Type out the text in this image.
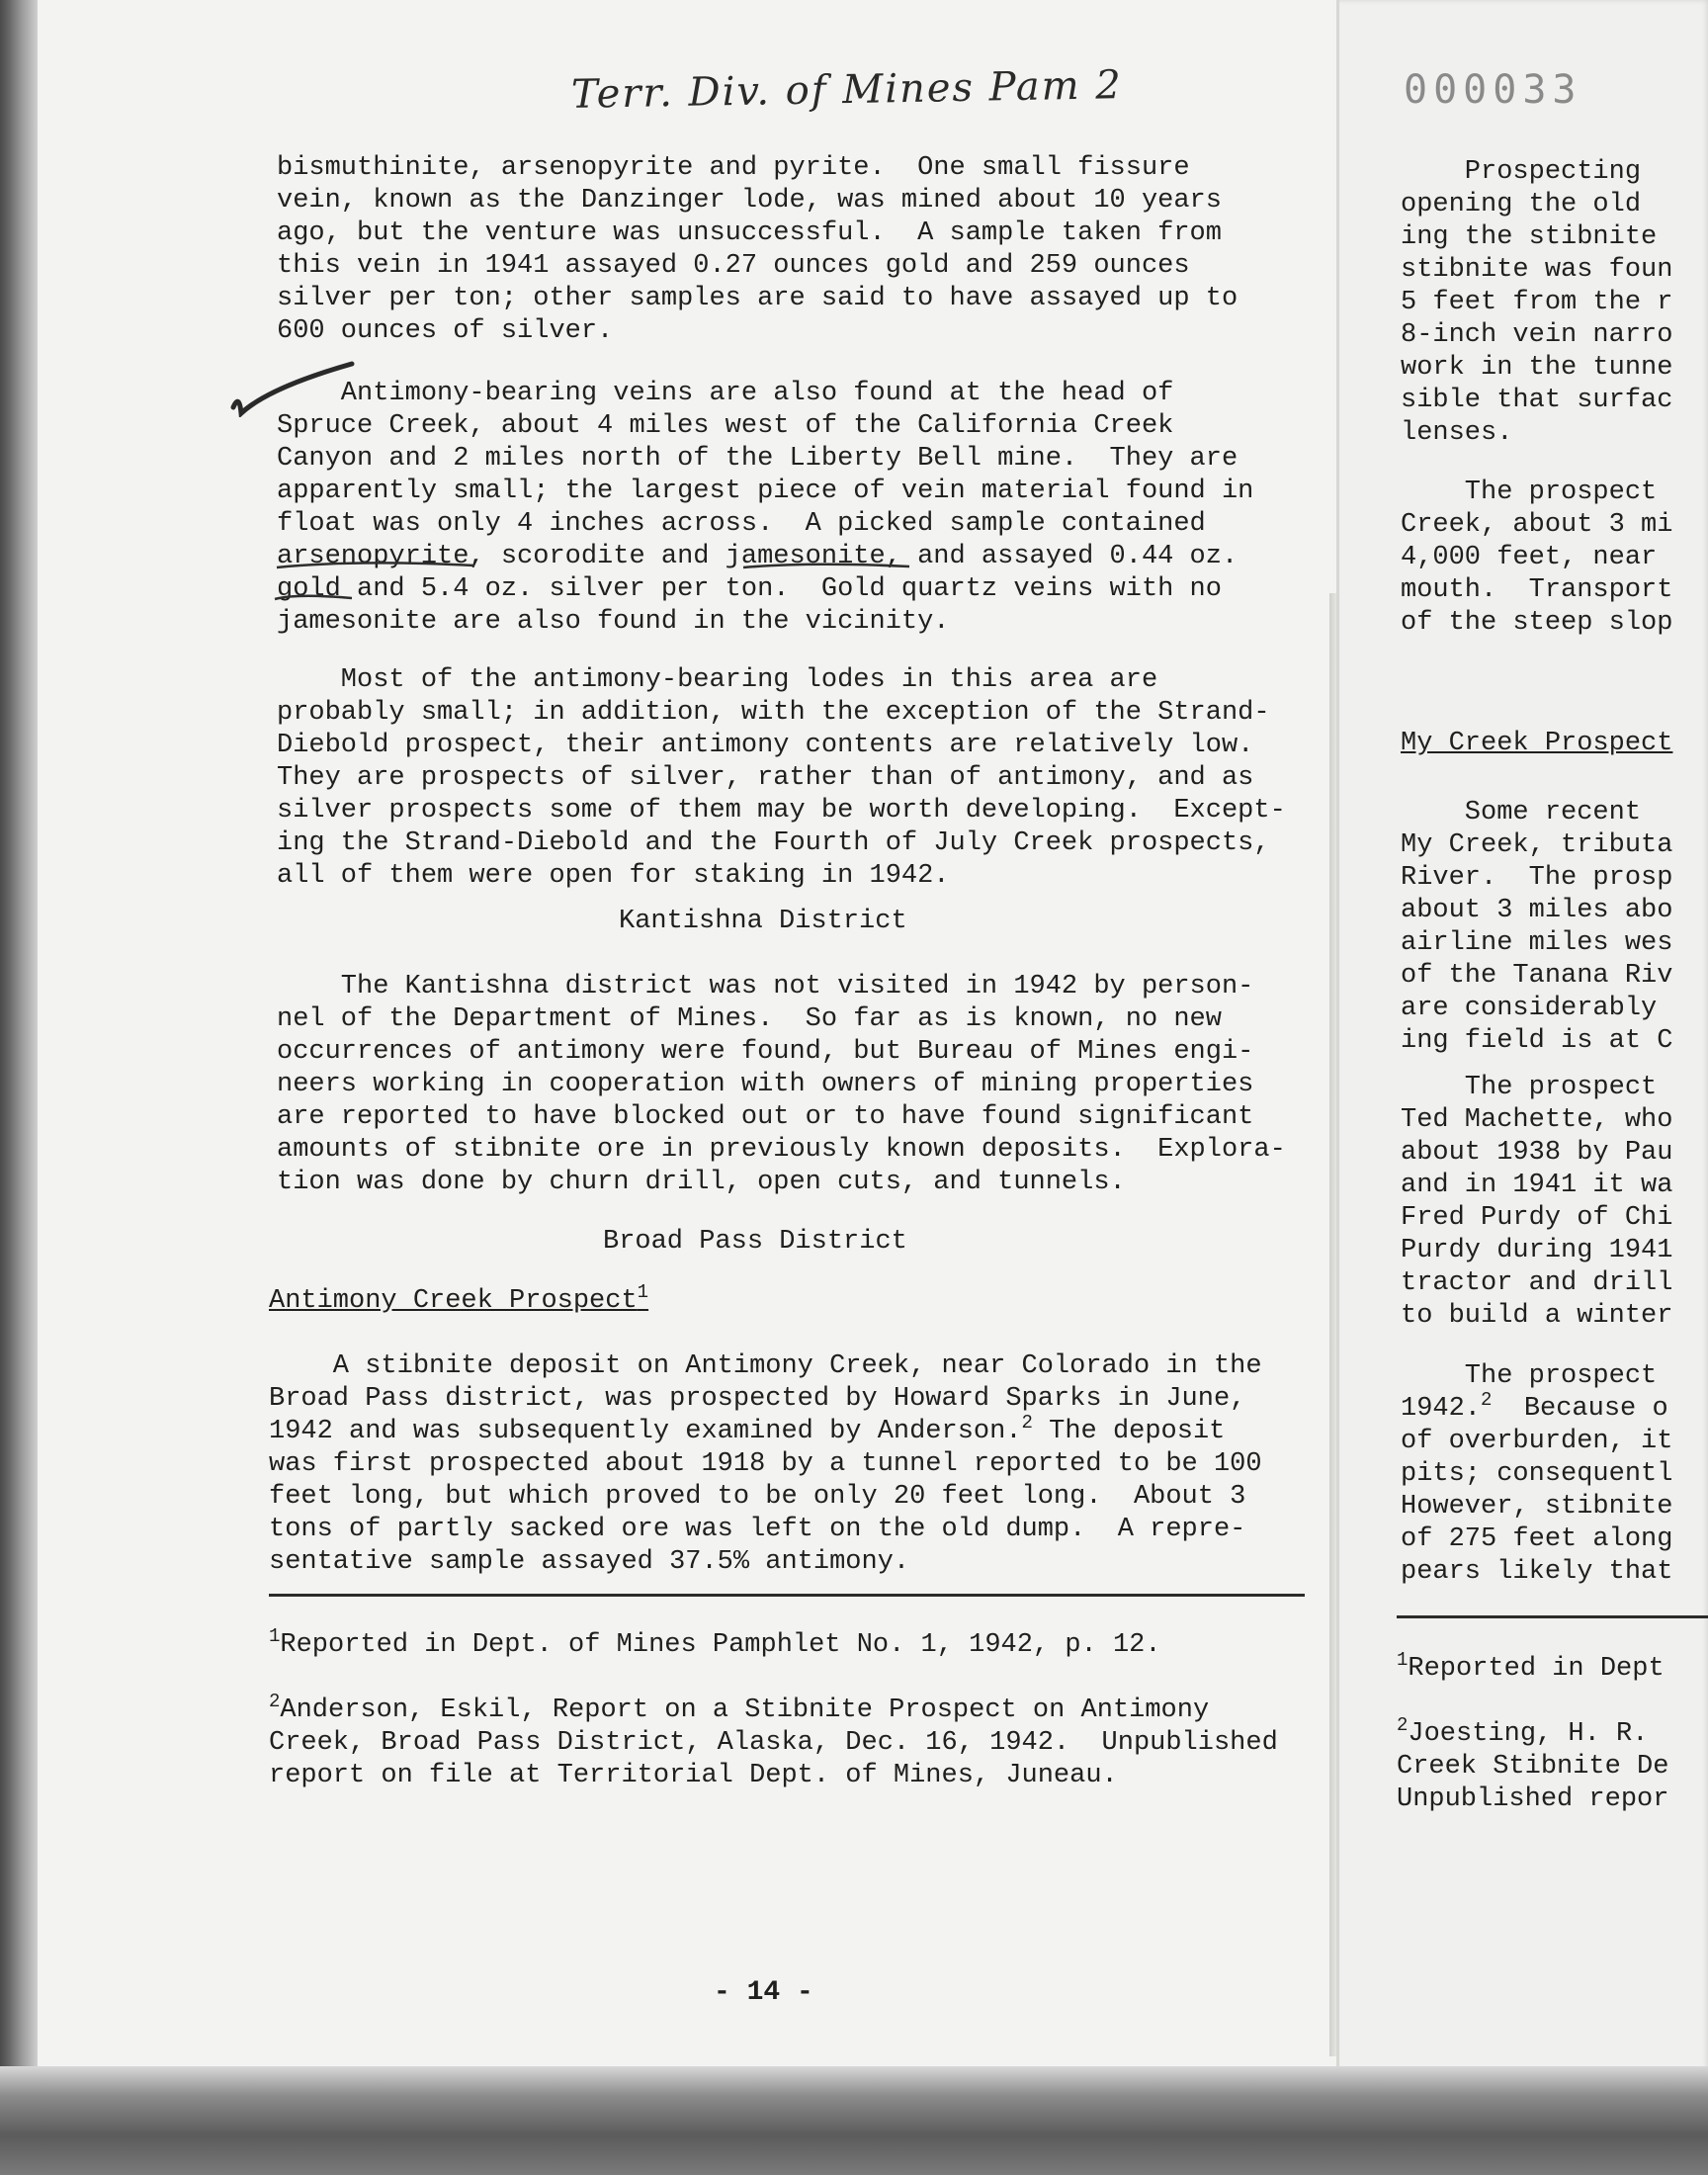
Prospecting
opening the old
ing the stibnite
stibnite was foun
5 feet from the r
8-inch vein narro
work in the tunne
sible that surfac
lenses.
The prospect
Creek, about 3 mi
4,000 feet, near
mouth.  Transport
of the steep slop
My Creek Prospect
Some recent
My Creek, tributa
River.  The prosp
about 3 miles abo
airline miles wes
of the Tanana Riv
are considerably
ing field is at C
The prospect
Ted Machette, who
about 1938 by Pau
and in 1941 it wa
Fred Purdy of Chi
Purdy during 1941
tractor and drill
to build a winter
The prospect
1942.$^2$  Because o
of overburden, it
pits; consequentl
However, stibnite
of 275 feet along
pears likely that
$^1$Reported in Dept
$^2$Joesting, H. R.
Creek Stibnite De
Unpublished repor
Terr. Div. of Mines Pam 2	000033
bismuthinite, arsenopyrite and pyrite.  One small fissure
vein, known as the Danzinger lode, was mined about 10 years
ago, but the venture was unsuccessful.  A sample taken from
this vein in 1941 assayed 0.27 ounces gold and 259 ounces
silver per ton; other samples are said to have assayed up to
600 ounces of silver.
Antimony-bearing veins are also found at the head of
Spruce Creek, about 4 miles west of the California Creek
Canyon and 2 miles north of the Liberty Bell mine.  They are
apparently small; the largest piece of vein material found in
float was only 4 inches across.  A picked sample contained
arsenopyrite, scorodite and jamesonite, and assayed 0.44 oz.
gold and 5.4 oz. silver per ton.  Gold quartz veins with no
jamesonite are also found in the vicinity.
Most of the antimony-bearing lodes in this area are
probably small; in addition, with the exception of the Strand-
Diebold prospect, their antimony contents are relatively low.
They are prospects of silver, rather than of antimony, and as
silver prospects some of them may be worth developing.  Except-
ing the Strand-Diebold and the Fourth of July Creek prospects,
all of them were open for staking in 1942.
Kantishna District
The Kantishna district was not visited in 1942 by person-
nel of the Department of Mines.  So far as is known, no new
occurrences of antimony were found, but Bureau of Mines engi-
neers working in cooperation with owners of mining properties
are reported to have blocked out or to have found significant
amounts of stibnite ore in previously known deposits.  Explora-
tion was done by churn drill, open cuts, and tunnels.
Broad Pass District
Antimony Creek Prospect$^1$
A stibnite deposit on Antimony Creek, near Colorado in the
Broad Pass district, was prospected by Howard Sparks in June,
1942 and was subsequently examined by Anderson.$^2$ The deposit
was first prospected about 1918 by a tunnel reported to be 100
feet long, but which proved to be only 20 feet long.  About 3
tons of partly sacked ore was left on the old dump.  A repre-
sentative sample assayed 37.5% antimony.
$^1$Reported in Dept. of Mines Pamphlet No. 1, 1942, p. 12.
$^2$Anderson, Eskil, Report on a Stibnite Prospect on Antimony
Creek, Broad Pass District, Alaska, Dec. 16, 1942.  Unpublished
report on file at Territorial Dept. of Mines, Juneau.
- 14 -
